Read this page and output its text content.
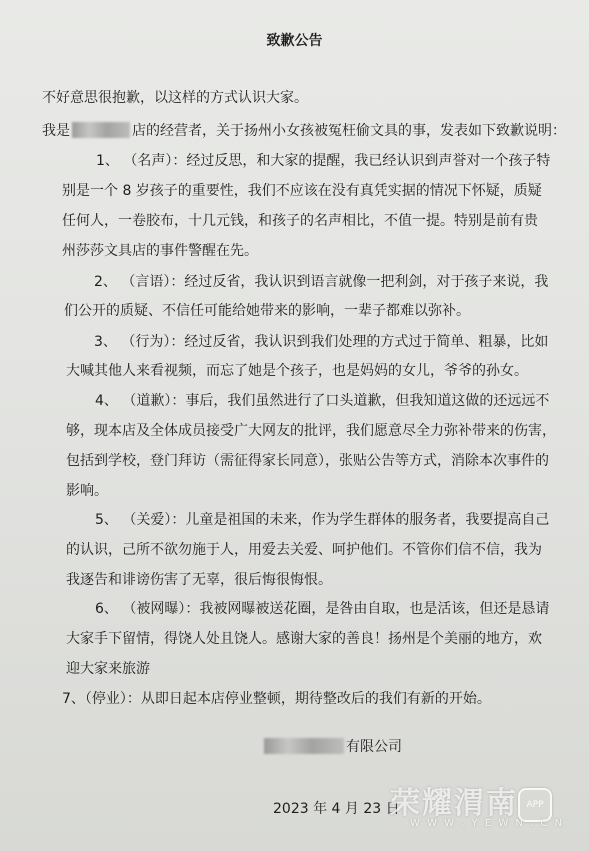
致歉公告
不好意思很抱歉，以这样的方式认识大家。
我是	店的经营者，关于扬州小女孩被冤枉偷文具的事，发表如下致歉说明：
1、 （名声）：经过反思，和大家的提醒，我已经认识到声誉对一个孩子特
别是一个 8 岁孩子的重要性，我们不应该在没有真凭实据的情况下怀疑，质疑
任何人，一卷胶布，十几元钱，和孩子的名声相比，不值一提。特别是前有贵
州莎莎文具店的事件警醒在先。
2、 （言语）：经过反省，我认识到语言就像一把利剑，对于孩子来说，我
们公开的质疑、不信任可能给她带来的影响，一辈子都难以弥补。
3、 （行为）：经过反省，我认识到我们处理的方式过于简单、粗暴，比如
大喊其他人来看视频，而忘了她是个孩子，也是妈妈的女儿，爷爷的孙女。
4、 （道歉）：事后，我们虽然进行了口头道歉，但我知道这做的还远远不
够，现本店及全体成员接受广大网友的批评，我们愿意尽全力弥补带来的伤害，
包括到学校，登门拜访（需征得家长同意），张贴公告等方式，消除本次事件的
影响。
5、 （关爱）：儿童是祖国的未来，作为学生群体的服务者，我要提高自己
的认识，己所不欲勿施于人，用爱去关爱、呵护他们。不管你们信不信，我为
我逐告和诽谤伤害了无辜，很后悔很悔恨。
6、 （被网曝）：我被网曝被送花圈，是咎由自取，也是活该，但还是恳请
大家手下留情，得饶人处且饶人。感谢大家的善良！扬州是个美丽的地方，欢
迎大家来旅游
7、（停业）：从即日起本店停业整顿，期待整改后的我们有新的开始。
有限公司
2023 年 4 月 23 日
荣耀渭南 APP
W W W . Y E W N . C N
